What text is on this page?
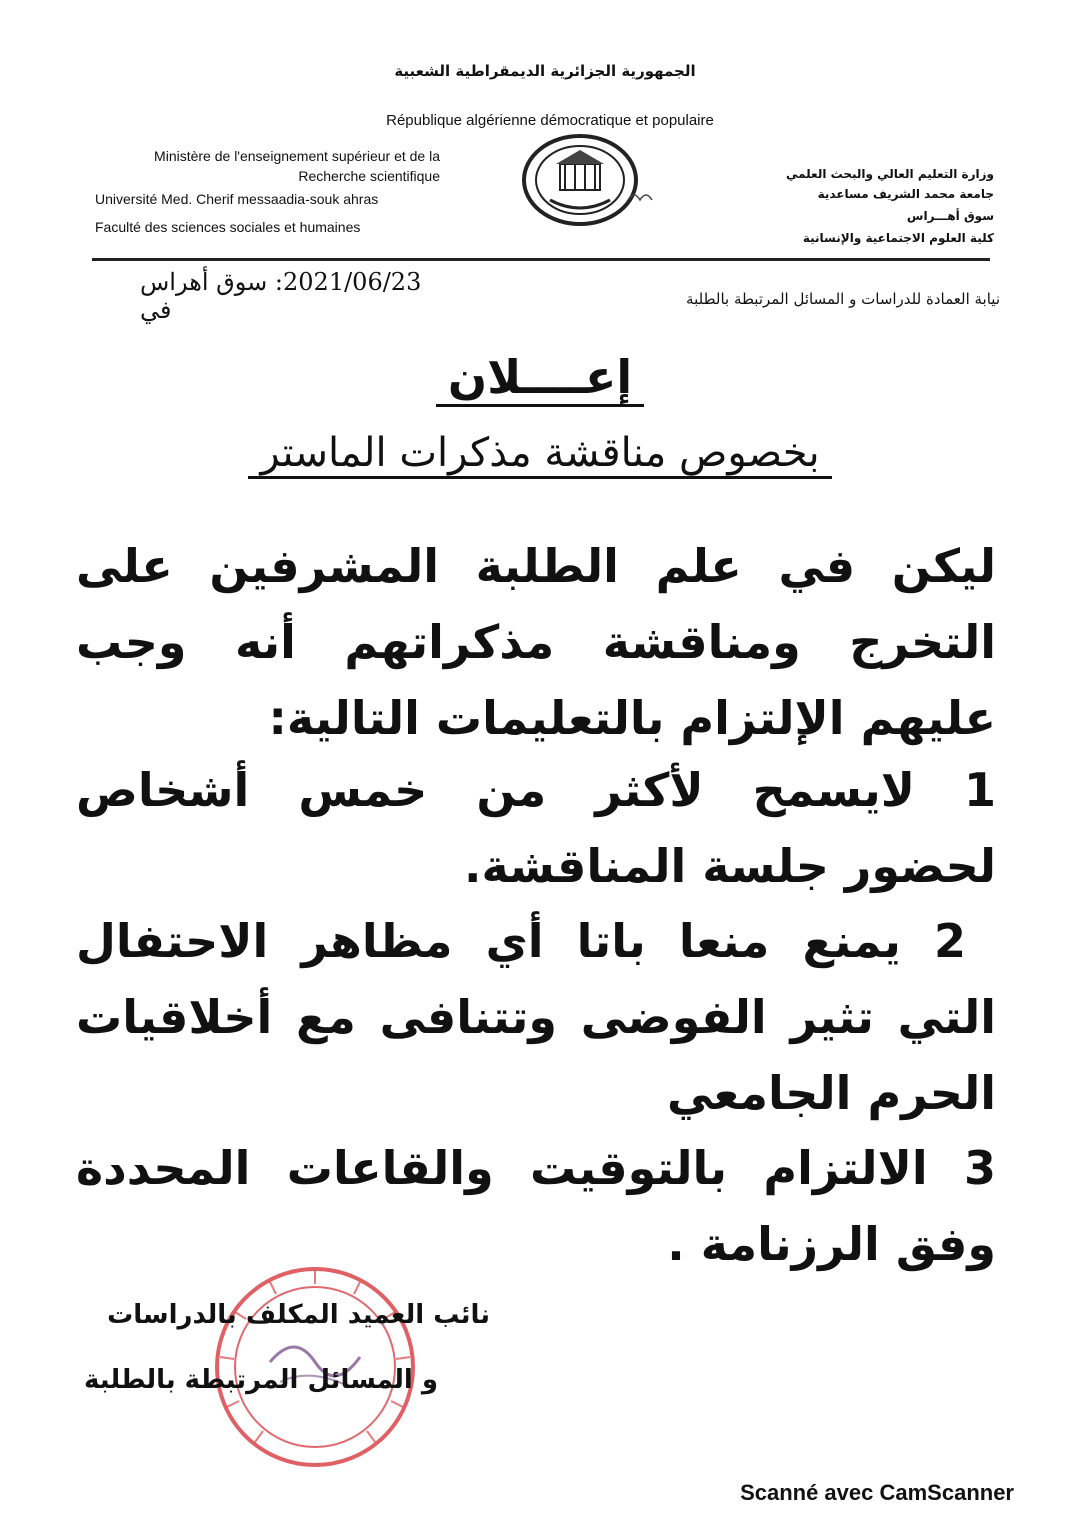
الجمهورية الجزائرية الديمقراطية الشعبية
République algérienne démocratique et populaire
Ministère de l'enseignement supérieur et de la Recherche scientifique
Université Med. Cherif messaadia-souk ahras
Faculté des sciences sociales et humaines
وزارة التعليم العالي والبحث العلمي
جامعة محمد الشريف مساعدية
سوق أهـــراس
كلية العلوم الاجتماعية والإنسانية
2021/06/23: سوق أهراس في	نيابة العمادة للدراسات و المسائل المرتبطة بالطلبة
إعــــلان
بخصوص مناقشة مذكرات الماستر
ليكن في علم الطلبة المشرفين على التخرج ومناقشة مذكراتهم أنه وجب عليهم الإلتزام بالتعليمات التالية:
1 لايسمح لأكثر من خمس أشخاص لحضور جلسة المناقشة.
2 يمنع منعا باتا أي مظاهر الاحتفال التي تثير الفوضى وتتنافى مع أخلاقيات الحرم الجامعي
3 الالتزام بالتوقيت والقاعات المحددة وفق الرزنامة .
نائب العميد المكلف بالدراسات
و المسائل المرتبطة بالطلبة
Scanné avec CamScanner
